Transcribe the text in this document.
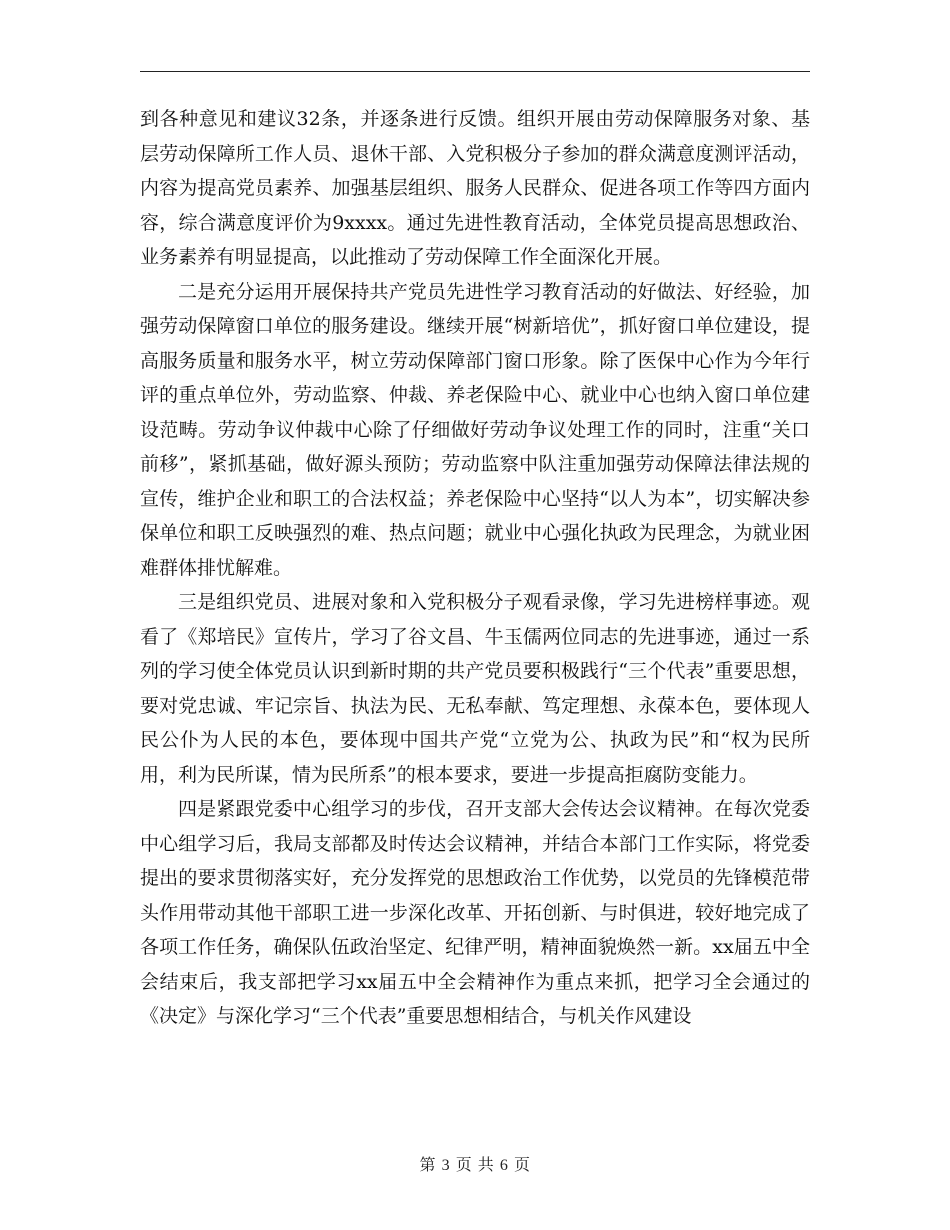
到各种意见和建议32条，并逐条进行反馈。组织开展由劳动保障服务对象、基层劳动保障所工作人员、退休干部、入党积极分子参加的群众满意度测评活动，内容为提高党员素养、加强基层组织、服务人民群众、促进各项工作等四方面内容，综合满意度评价为9xxxx。通过先进性教育活动，全体党员提高思想政治、业务素养有明显提高，以此推动了劳动保障工作全面深化开展。

二是充分运用开展保持共产党员先进性学习教育活动的好做法、好经验，加强劳动保障窗口单位的服务建设。继续开展“树新培优”，抓好窗口单位建设，提高服务质量和服务水平，树立劳动保障部门窗口形象。除了医保中心作为今年行评的重点单位外，劳动监察、仲裁、养老保险中心、就业中心也纳入窗口单位建设范畴。劳动争议仲裁中心除了仔细做好劳动争议处理工作的同时，注重“关口前移”，紧抓基础，做好源头预防；劳动监察中队注重加强劳动保障法律法规的宣传，维护企业和职工的合法权益；养老保险中心坚持“以人为本”，切实解决参保单位和职工反映强烈的难、热点问题；就业中心强化执政为民理念，为就业困难群体排忧解难。

三是组织党员、进展对象和入党积极分子观看录像，学习先进榜样事迹。观看了《郑培民》宣传片，学习了谷文昌、牛玉儒两位同志的先进事迹，通过一系列的学习使全体党员认识到新时期的共产党员要积极践行“三个代表”重要思想，要对党忠诚、牢记宗旨、执法为民、无私奉献、笃定理想、永葆本色，要体现人民公仆为人民的本色，要体现中国共产党“立党为公、执政为民”和“权为民所用，利为民所谋，情为民所系”的根本要求，要进一步提高拒腐防变能力。

四是紧跟党委中心组学习的步伐，召开支部大会传达会议精神。在每次党委中心组学习后，我局支部都及时传达会议精神，并结合本部门工作实际，将党委提出的要求贯彻落实好，充分发挥党的思想政治工作优势，以党员的先锋模范带头作用带动其他干部职工进一步深化改革、开拓创新、与时俱进，较好地完成了各项工作任务，确保队伍政治坚定、纪律严明，精神面貌焕然一新。xx届五中全会结束后，我支部把学习xx届五中全会精神作为重点来抓，把学习全会通过的《决定》与深化学习“三个代表”重要思想相结合，与机关作风建设

第 3 页 共 6 页
